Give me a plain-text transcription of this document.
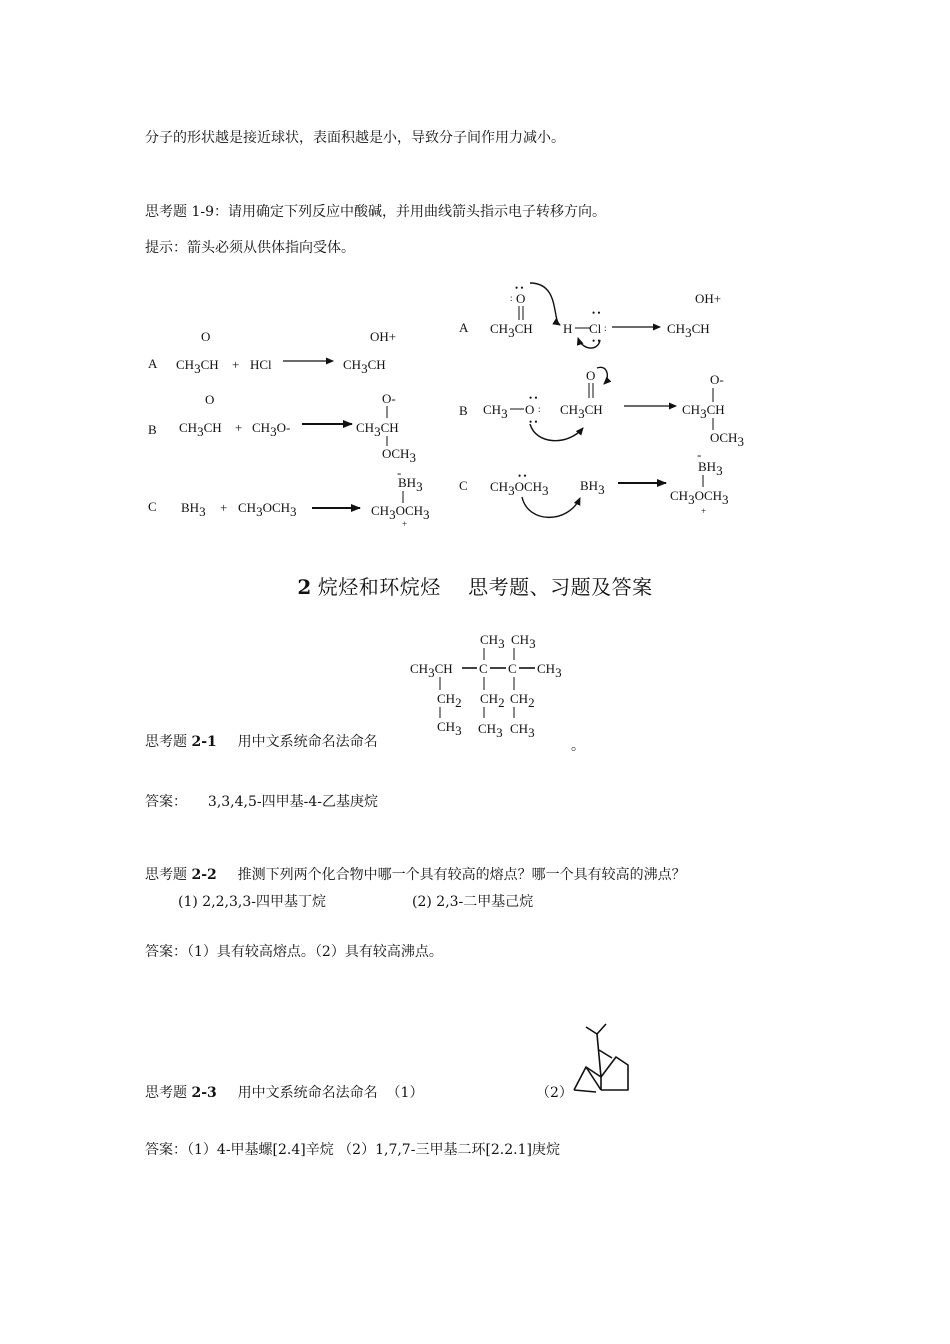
分子的形状越是接近球状，表面积越是小，导致分子间作用力减小。
思考题 1-9：请用确定下列反应中酸碱，并用曲线箭头指示电子转移方向。
提示：箭头必须从供体指向受体。
A
O
CH3CH + HCl
OH+
CH3CH
B
O
CH3CH + CH3O-
O-
CH3CH
OCH3
C BH3 + CH3OCH3
-
BH3
CH3OCH3
+
A
• •
: O
CH3CH H
• •
Cl :
• •
OH+
CH3CH
B CH3
• •
O :
• •
O
CH3CH
O-
CH3CH
OCH3
C
• •
CH3OCH3 BH3
-
BH3
CH3OCH3
+
CH3 CH3
CH3CH C C CH3
CH2 CH2 CH2
CH3 CH3 CH3
2 烷烃和环烷烃    思考题、习题及答案
思考题 2-1 用中文系统命名法命名	。
答案： 3,3,4,5-四甲基-4-乙基庚烷
思考题 2-2 推测下列两个化合物中哪一个具有较高的熔点？哪一个具有较高的沸点？
(1) 2,2,3,3-四甲基丁烷	(2) 2,3-二甲基己烷
答案：（1）具有较高熔点。（2）具有较高沸点。
思考题 2-3 用中文系统命名法命名  （1）	（2）
答案：（1）4-甲基螺[2.4]辛烷 （2）1,7,7-三甲基二环[2.2.1]庚烷
